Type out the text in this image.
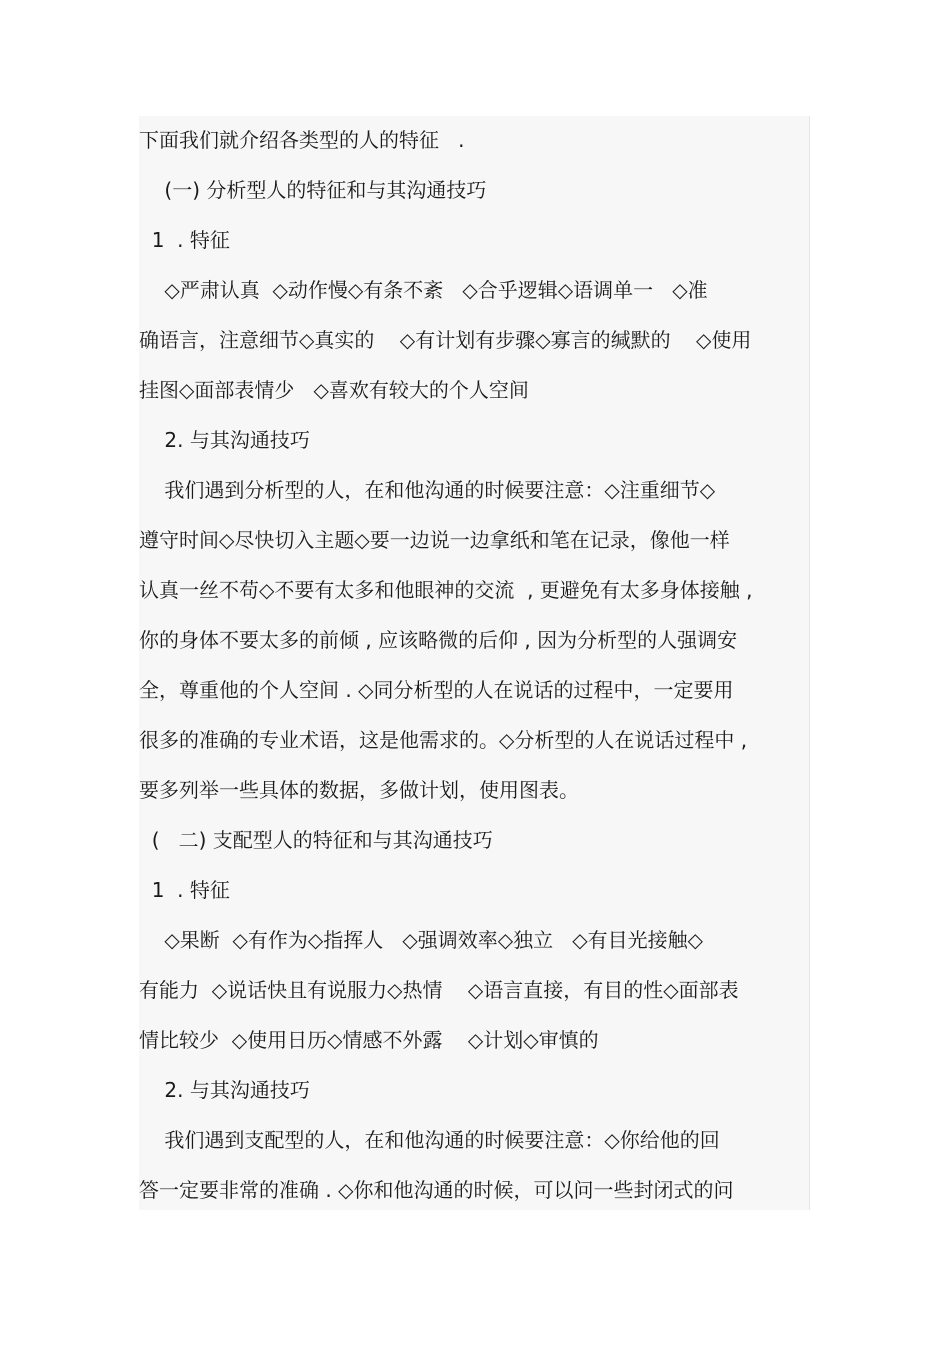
下面我们就介绍各类型的人的特征   .
(一) 分析型人的特征和与其沟通技巧
1  . 特征
◇严肃认真  ◇动作慢◇有条不紊   ◇合乎逻辑◇语调单一   ◇准
确语言，注意细节◇真实的    ◇有计划有步骤◇寡言的缄默的    ◇使用
挂图◇面部表情少   ◇喜欢有较大的个人空间
2. 与其沟通技巧
我们遇到分析型的人，在和他沟通的时候要注意：◇注重细节◇
遵守时间◇尽快切入主题◇要一边说一边拿纸和笔在记录，像他一样
认真一丝不苟◇不要有太多和他眼神的交流  , 更避免有太多身体接触 ,
你的身体不要太多的前倾 , 应该略微的后仰 , 因为分析型的人强调安
全，尊重他的个人空间 . ◇同分析型的人在说话的过程中，一定要用
很多的准确的专业术语，这是他需求的。◇分析型的人在说话过程中 ,
要多列举一些具体的数据，多做计划，使用图表。
(   二) 支配型人的特征和与其沟通技巧
1  . 特征
◇果断  ◇有作为◇指挥人   ◇强调效率◇独立   ◇有目光接触◇
有能力  ◇说话快且有说服力◇热情    ◇语言直接，有目的性◇面部表
情比较少  ◇使用日历◇情感不外露    ◇计划◇审慎的
2. 与其沟通技巧
我们遇到支配型的人，在和他沟通的时候要注意：◇你给他的回
答一定要非常的准确 . ◇你和他沟通的时候，可以问一些封闭式的问
